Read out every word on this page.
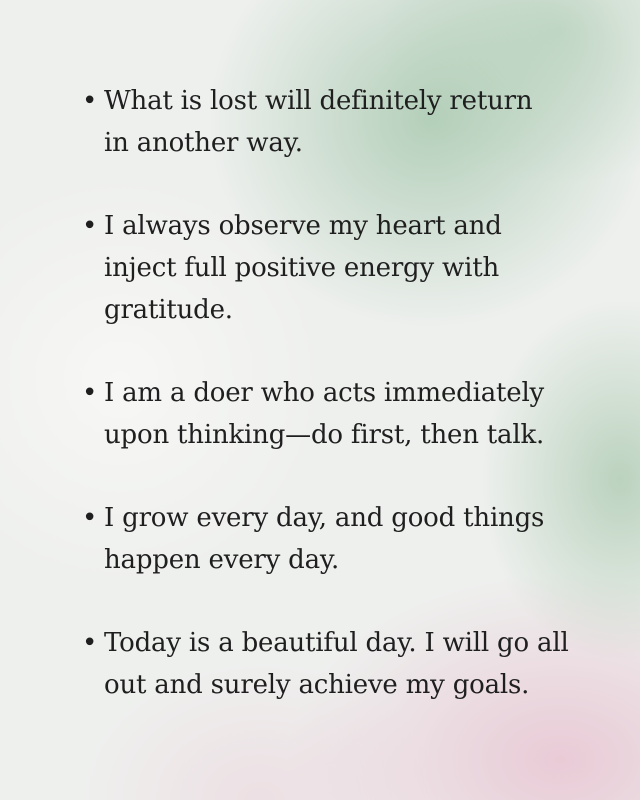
• What is lost will definitely return
in another way.
• I always observe my heart and
inject full positive energy with
gratitude.
• I am a doer who acts immediately
upon thinking—do first, then talk.
• I grow every day, and good things
happen every day.
• Today is a beautiful day. I will go all
out and surely achieve my goals.
